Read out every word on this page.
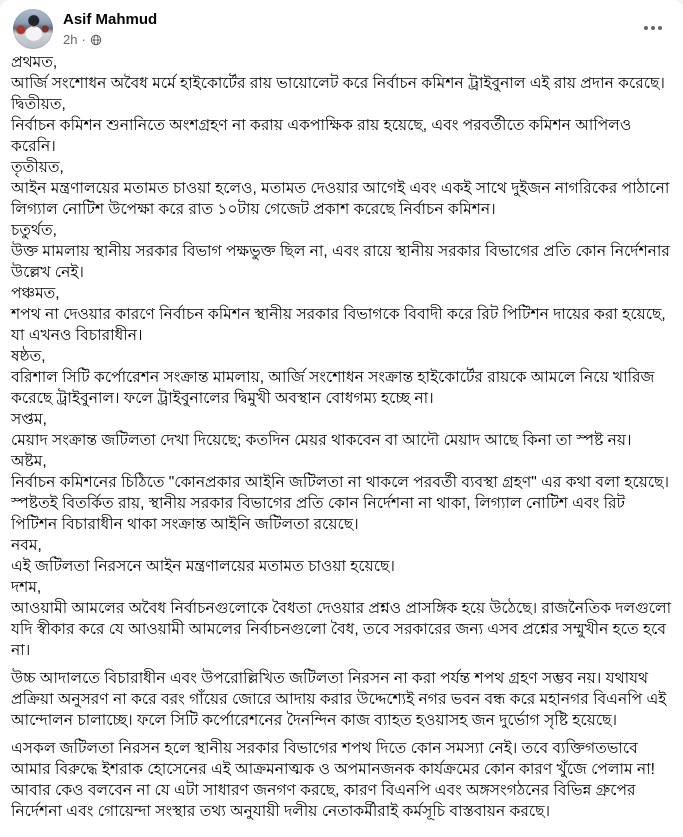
Asif Mahmud
2h ·
প্রথমত,
আর্জি সংশোধন অবৈধ মর্মে হাইকোর্টের রায় ভায়োলেট করে নির্বাচন কমিশন ট্রাইবুনাল এই রায় প্রদান করেছে।
দ্বিতীয়ত,
নির্বাচন কমিশন শুনানিতে অংশগ্রহণ না করায় একপাক্ষিক রায় হয়েছে, এবং পরবর্তীতে কমিশন আপিলও করেনি।
তৃতীয়ত,
আইন মন্ত্রণালয়ের মতামত চাওয়া হলেও, মতামত দেওয়ার আগেই এবং একই সাথে দুইজন নাগরিকের পাঠানো লিগ্যাল নোটিশ উপেক্ষা করে রাত ১০টায় গেজেট প্রকাশ করেছে নির্বাচন কমিশন।
চতুর্থত,
উক্ত মামলায় স্থানীয় সরকার বিভাগ পক্ষভুক্ত ছিল না, এবং রায়ে স্থানীয় সরকার বিভাগের প্রতি কোন নির্দেশনার উল্লেখ নেই।
পঞ্চমত,
শপথ না দেওয়ার কারণে নির্বাচন কমিশন স্থানীয় সরকার বিভাগকে বিবাদী করে রিট পিটিশন দায়ের করা হয়েছে, যা এখনও বিচারাধীন।
ষষ্ঠত,
বরিশাল সিটি কর্পোরেশন সংক্রান্ত মামলায়, আর্জি সংশোধন সংক্রান্ত হাইকোর্টের রায়কে আমলে নিয়ে খারিজ করেছে ট্রাইবুনাল। ফলে ট্রাইবুনালের দ্বিমুখী অবস্থান বোধগম্য হচ্ছে না।
সপ্তম,
মেয়াদ সংক্রান্ত জটিলতা দেখা দিয়েছে; কতদিন মেয়র থাকবেন বা আদৌ মেয়াদ আছে কিনা তা স্পষ্ট নয়।
অষ্টম,
নির্বাচন কমিশনের চিঠিতে "কোনপ্রকার আইনি জটিলতা না থাকলে পরবর্তী ব্যবস্থা গ্রহণ" এর কথা বলা হয়েছে। স্পষ্টতই বিতর্কিত রায়, স্থানীয় সরকার বিভাগের প্রতি কোন নির্দেশনা না থাকা, লিগ্যাল নোটিশ এবং রিট পিটিশন বিচারাধীন থাকা সংক্রান্ত আইনি জটিলতা রয়েছে।
নবম,
এই জটিলতা নিরসনে আইন মন্ত্রণালয়ের মতামত চাওয়া হয়েছে।
দশম,
আওয়ামী আমলের অবৈধ নির্বাচনগুলোকে বৈধতা দেওয়ার প্রশ্নও প্রাসঙ্গিক হয়ে উঠেছে। রাজনৈতিক দলগুলো যদি স্বীকার করে যে আওয়ামী আমলের নির্বাচনগুলো বৈধ, তবে সরকারের জন্য এসব প্রশ্নের সম্মুখীন হতে হবে না।
উচ্চ আদালতে বিচারাধীন এবং উপরোল্লিখিত জটিলতা নিরসন না করা পর্যন্ত শপথ গ্রহণ সম্ভব নয়। যথাযথ প্রক্রিয়া অনুসরণ না করে বরং গাঁয়ের জোরে আদায় করার উদ্দেশ্যেই নগর ভবন বন্ধ করে মহানগর বিএনপি এই আন্দোলন চালাচ্ছে। ফলে সিটি কর্পোরেশনের দৈনন্দিন কাজ ব্যাহত হওয়াসহ জন দুর্ভোগ সৃষ্টি হয়েছে।
এসকল জটিলতা নিরসন হলে স্থানীয় সরকার বিভাগের শপথ দিতে কোন সমস্যা নেই। তবে ব্যক্তিগতভাবে আমার বিরুদ্ধে ইশরাক হোসেনের এই আক্রমনাত্মক ও অপমানজনক কার্যক্রমের কোন কারণ খুঁজে পেলাম না! আবার কেও বলবেন না যে এটা সাধারণ জনগণ করছে, কারণ বিএনপি এবং অঙ্গসংগঠনের বিভিন্ন গ্রুপের নির্দেশনা এবং গোয়েন্দা সংস্থার তথ্য অনুযায়ী দলীয় নেতাকর্মীরাই কর্মসূচি বাস্তবায়ন করছে।
